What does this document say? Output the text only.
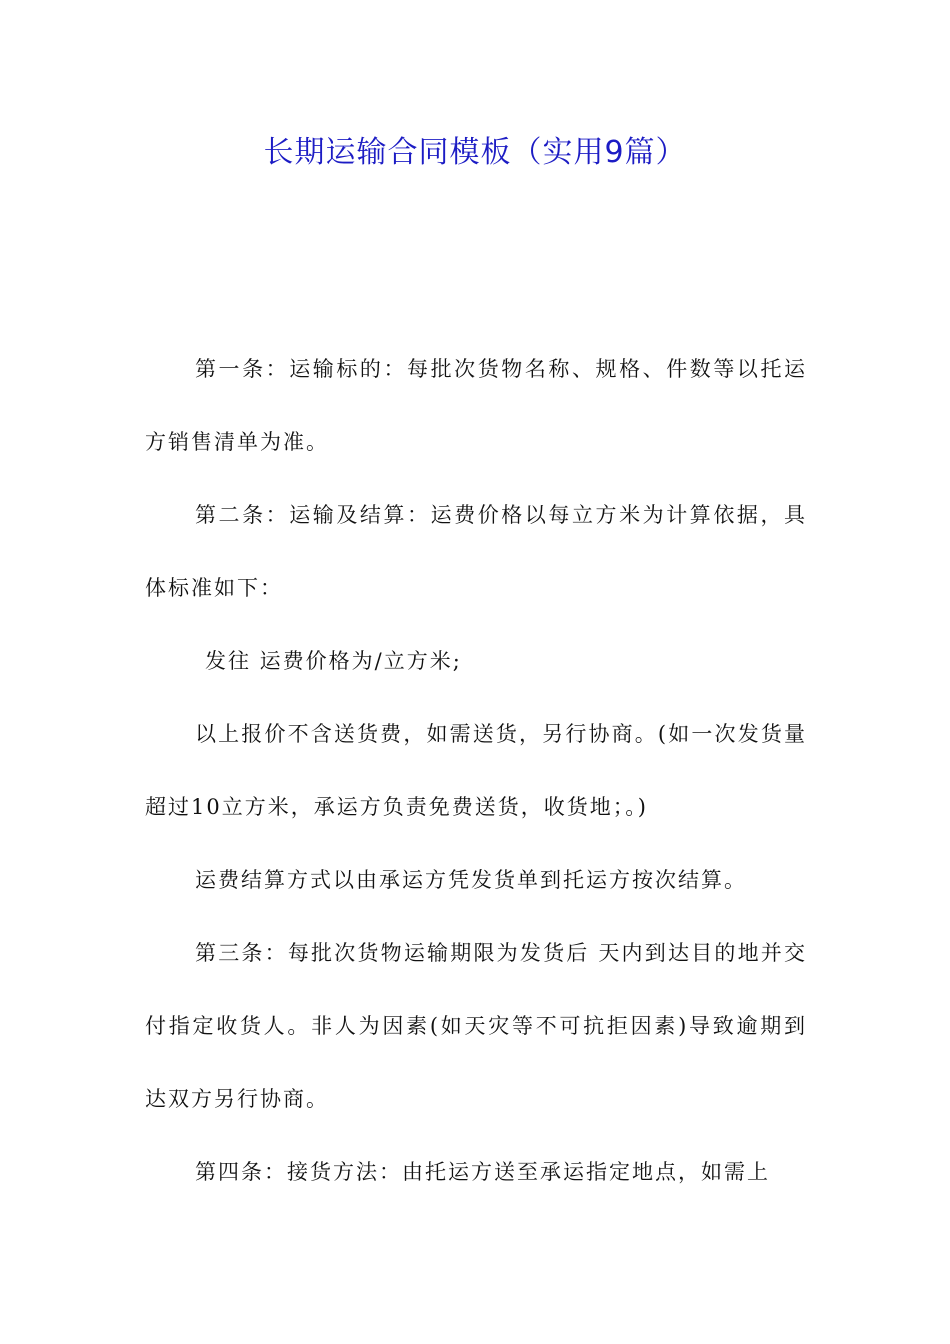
长期运输合同模板（实用9篇）

第一条：运输标的：每批次货物名称、规格、件数等以托运方销售清单为准。

第二条：运输及结算：运费价格以每立方米为计算依据，具体标准如下：

发往 运费价格为/立方米;

以上报价不含送货费，如需送货，另行协商。(如一次发货量超过10立方米，承运方负责免费送货，收货地；。)

运费结算方式以由承运方凭发货单到托运方按次结算。

第三条：每批次货物运输期限为发货后 天内到达目的地并交付指定收货人。非人为因素(如天灾等不可抗拒因素)导致逾期到达双方另行协商。

第四条：接货方法：由托运方送至承运指定地点，如需上
